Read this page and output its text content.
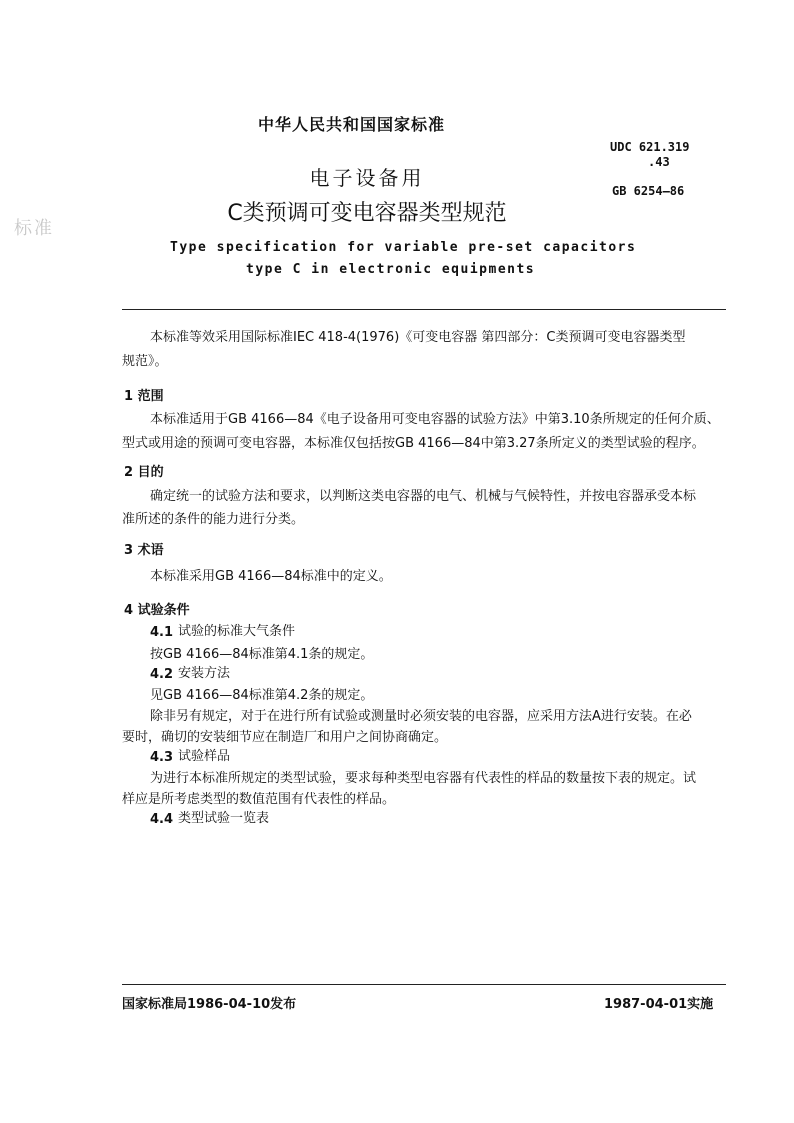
标准
中华人民共和国国家标准
UDC 621.319
.43
GB 6254—86
电子设备用
C类预调可变电容器类型规范
Type specification for variable pre-set capacitors
type C in electronic equipments
本标准等效采用国际标准IEC 418-4(1976)《可变电容器 第四部分：C类预调可变电容器类型
规范》。
1 范围
本标准适用于GB 4166—84《电子设备用可变电容器的试验方法》中第3.10条所规定的任何介质、
型式或用途的预调可变电容器，本标准仅包括按GB 4166—84中第3.27条所定义的类型试验的程序。
2 目的
确定统一的试验方法和要求，以判断这类电容器的电气、机械与气候特性，并按电容器承受本标
准所述的条件的能力进行分类。
3 术语
本标准采用GB 4166—84标准中的定义。
4 试验条件
4.1 试验的标准大气条件
按GB 4166—84标准第4.1条的规定。
4.2 安装方法
见GB 4166—84标准第4.2条的规定。
除非另有规定，对于在进行所有试验或测量时必须安装的电容器，应采用方法A进行安装。在必
要时，确切的安装细节应在制造厂和用户之间协商确定。
4.3 试验样品
为进行本标准所规定的类型试验，要求每种类型电容器有代表性的样品的数量按下表的规定。试
样应是所考虑类型的数值范围有代表性的样品。
4.4 类型试验一览表
国家标准局1986-04-10发布	1987-04-01实施
